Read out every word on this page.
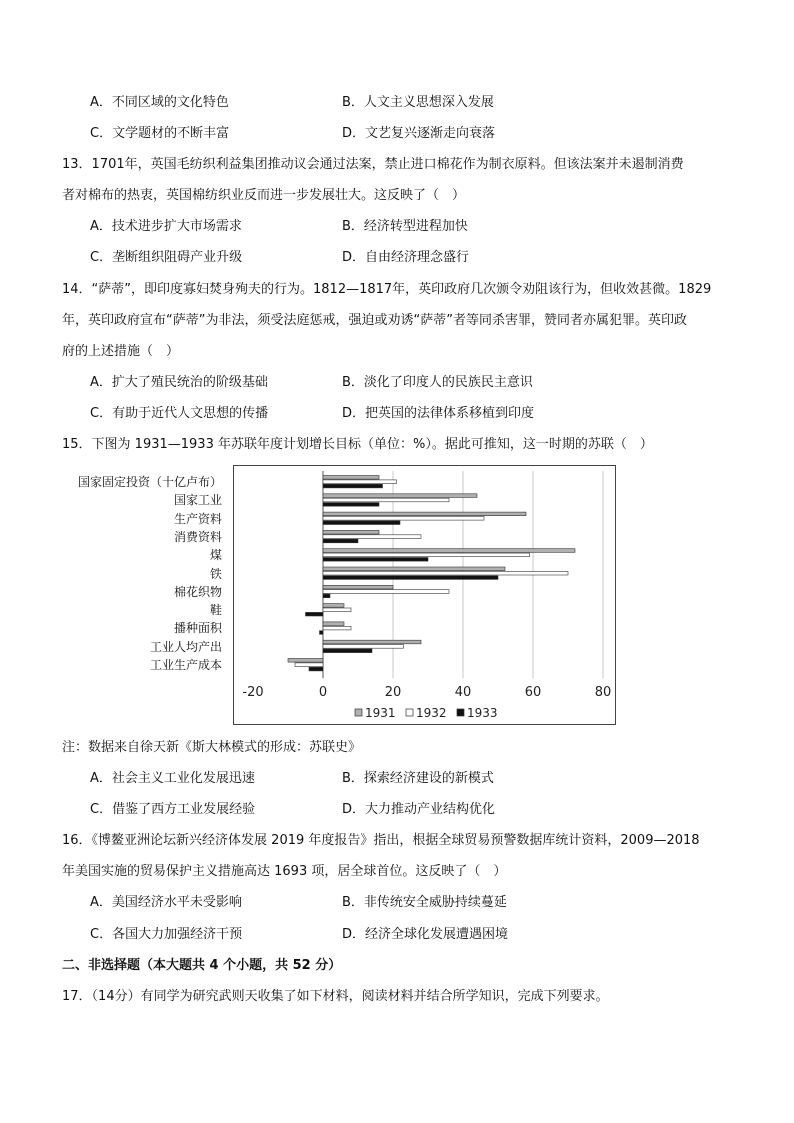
A．不同区域的文化特色	B．人文主义思想深入发展
C．文学题材的不断丰富	D．文艺复兴逐渐走向衰落
13．1701年，英国毛纺织利益集团推动议会通过法案，禁止进口棉花作为制衣原料。但该法案并未遏制消费
者对棉布的热衷，英国棉纺织业反而进一步发展壮大。这反映了（　）
A．技术进步扩大市场需求	B．经济转型进程加快
C．垄断组织阻碍产业升级	D．自由经济理念盛行
14．“萨蒂”，即印度寡妇焚身殉夫的行为。1812—1817年，英印政府几次颁令劝阻该行为，但收效甚微。1829
年，英印政府宣布“萨蒂”为非法，须受法庭惩戒，强迫或劝诱“萨蒂”者等同杀害罪，赞同者亦属犯罪。英印政
府的上述措施（　）
A．扩大了殖民统治的阶级基础	B．淡化了印度人的民族民主意识
C．有助于近代人文思想的传播	D．把英国的法律体系移植到印度
15．下图为 1931—1933 年苏联年度计划增长目标（单位：%）。据此可推知，这一时期的苏联（　）
国家固定投资（十亿卢布）
国家工业
生产资料
消费资料
煤
铁
棉花织物
鞋
播种面积
工业人均产出
工业生产成本
-20	0	20	40	60	80
1931 1932 1933
注：数据来自徐天新《斯大林模式的形成：苏联史》
A．社会主义工业化发展迅速	B．探索经济建设的新模式
C．借鉴了西方工业发展经验	D．大力推动产业结构优化
16．《博鳌亚洲论坛新兴经济体发展 2019 年度报告》指出，根据全球贸易预警数据库统计资料，2009—2018
年美国实施的贸易保护主义措施高达 1693 项，居全球首位。这反映了（　）
A．美国经济水平未受影响	B．非传统安全威胁持续蔓延
C．各国大力加强经济干预	D．经济全球化发展遭遇困境
二、非选择题（本大题共 4 个小题，共 52 分）
17．（14分）有同学为研究武则天收集了如下材料，阅读材料并结合所学知识，完成下列要求。
